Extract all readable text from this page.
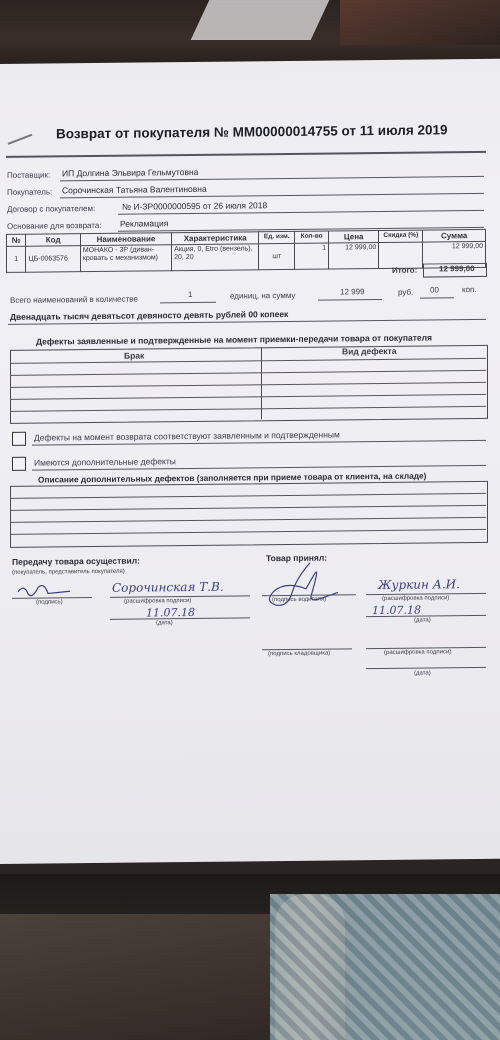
Возврат от покупателя № ММ00000014755 от 11 июля 2019
Поставщик: ИП Долгина Эльвира Гельмутовна
Покупатель: Сорочинская Татьяна Валентиновна
Договор с покупателем:	№ И-ЗР0000000595 от 26 июля 2018
Основание для возврата: Рекламация
№	Код	Наименование	Характеристика	Ед. изм.	Кол-во	Цена	Скидка (%)	Сумма
1	ЦБ-0063576	МОНАКО - 3Р (диван-кровать с механизмом)	Акция, 0, Etro (вензель), 20, 20	шт	1	12 999,00		12 999,00
Итого:	12 999,00
Всего наименований в количестве
1	единиц, на сумму	12 999	руб. 00	коп.
Двенадцать тысяч девятьсот девяносто девять рублей 00 копеек
Дефекты заявленные и подтвержденные на момент приемки-передачи товара от покупателя
Брак	Вид дефекта
Дефекты на момент возврата соответствуют заявленным и подтвержденным
Имеются дополнительные дефекты
Описание дополнительных дефектов (заполняется при приеме товара от клиента, на складе)
Передачу товара осуществил:
(покупатель, представитель покупателя)
Товар принял:
(подпись)
Сорочинская Т.В.
(расшифровка подписи)
11.07.18
(дата)
(подпись водителя)
Журкин А.И.
(расшифровка подписи)
11.07.18
(дата)
(подпись кладовщика)	(расшифровка подписи)
(дата)
